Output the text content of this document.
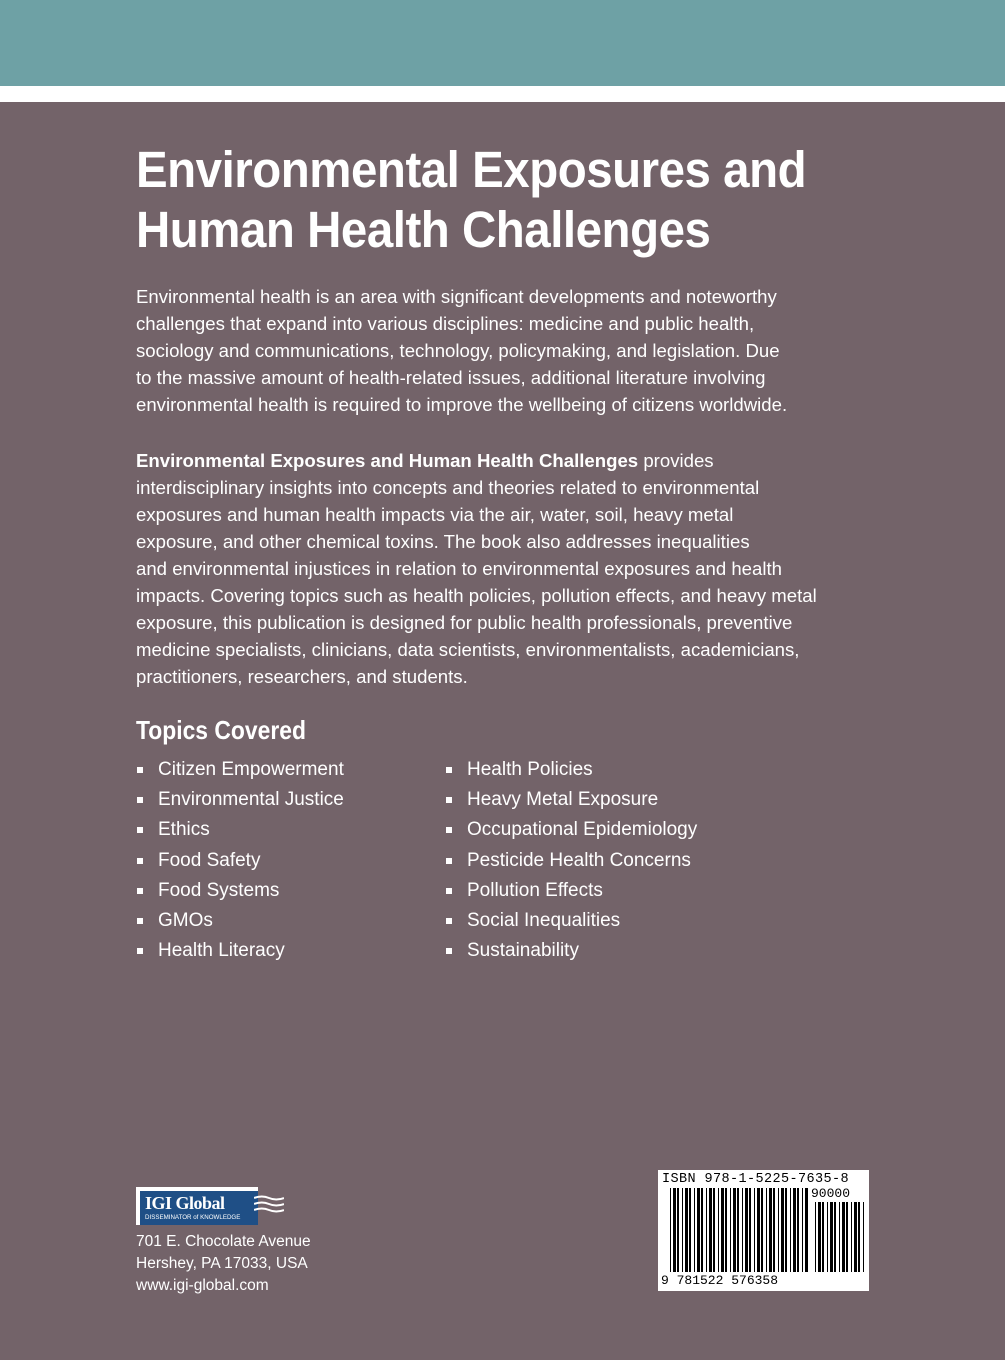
Environmental Exposures and
Human Health Challenges
Environmental health is an area with significant developments and noteworthy
challenges that expand into various disciplines: medicine and public health,
sociology and communications, technology, policymaking, and legislation. Due
to the massive amount of health-related issues, additional literature involving
environmental health is required to improve the wellbeing of citizens worldwide.
Environmental Exposures and Human Health Challenges provides
interdisciplinary insights into concepts and theories related to environmental
exposures and human health impacts via the air, water, soil, heavy metal
exposure, and other chemical toxins. The book also addresses inequalities
and environmental injustices in relation to environmental exposures and health
impacts. Covering topics such as health policies, pollution effects, and heavy metal
exposure, this publication is designed for public health professionals, preventive
medicine specialists, clinicians, data scientists, environmentalists, academicians,
practitioners, researchers, and students.
Topics Covered
Citizen Empowerment
Environmental Justice
Ethics
Food Safety
Food Systems
GMOs
Health Literacy
Health Policies
Heavy Metal Exposure
Occupational Epidemiology
Pesticide Health Concerns
Pollution Effects
Social Inequalities
Sustainability
IGI Global
DISSEMINATOR of KNOWLEDGE
701 E. Chocolate Avenue
Hershey, PA 17033, USA
www.igi-global.com
ISBN 978-1-5225-7635-8
90000
9 781522 576358
